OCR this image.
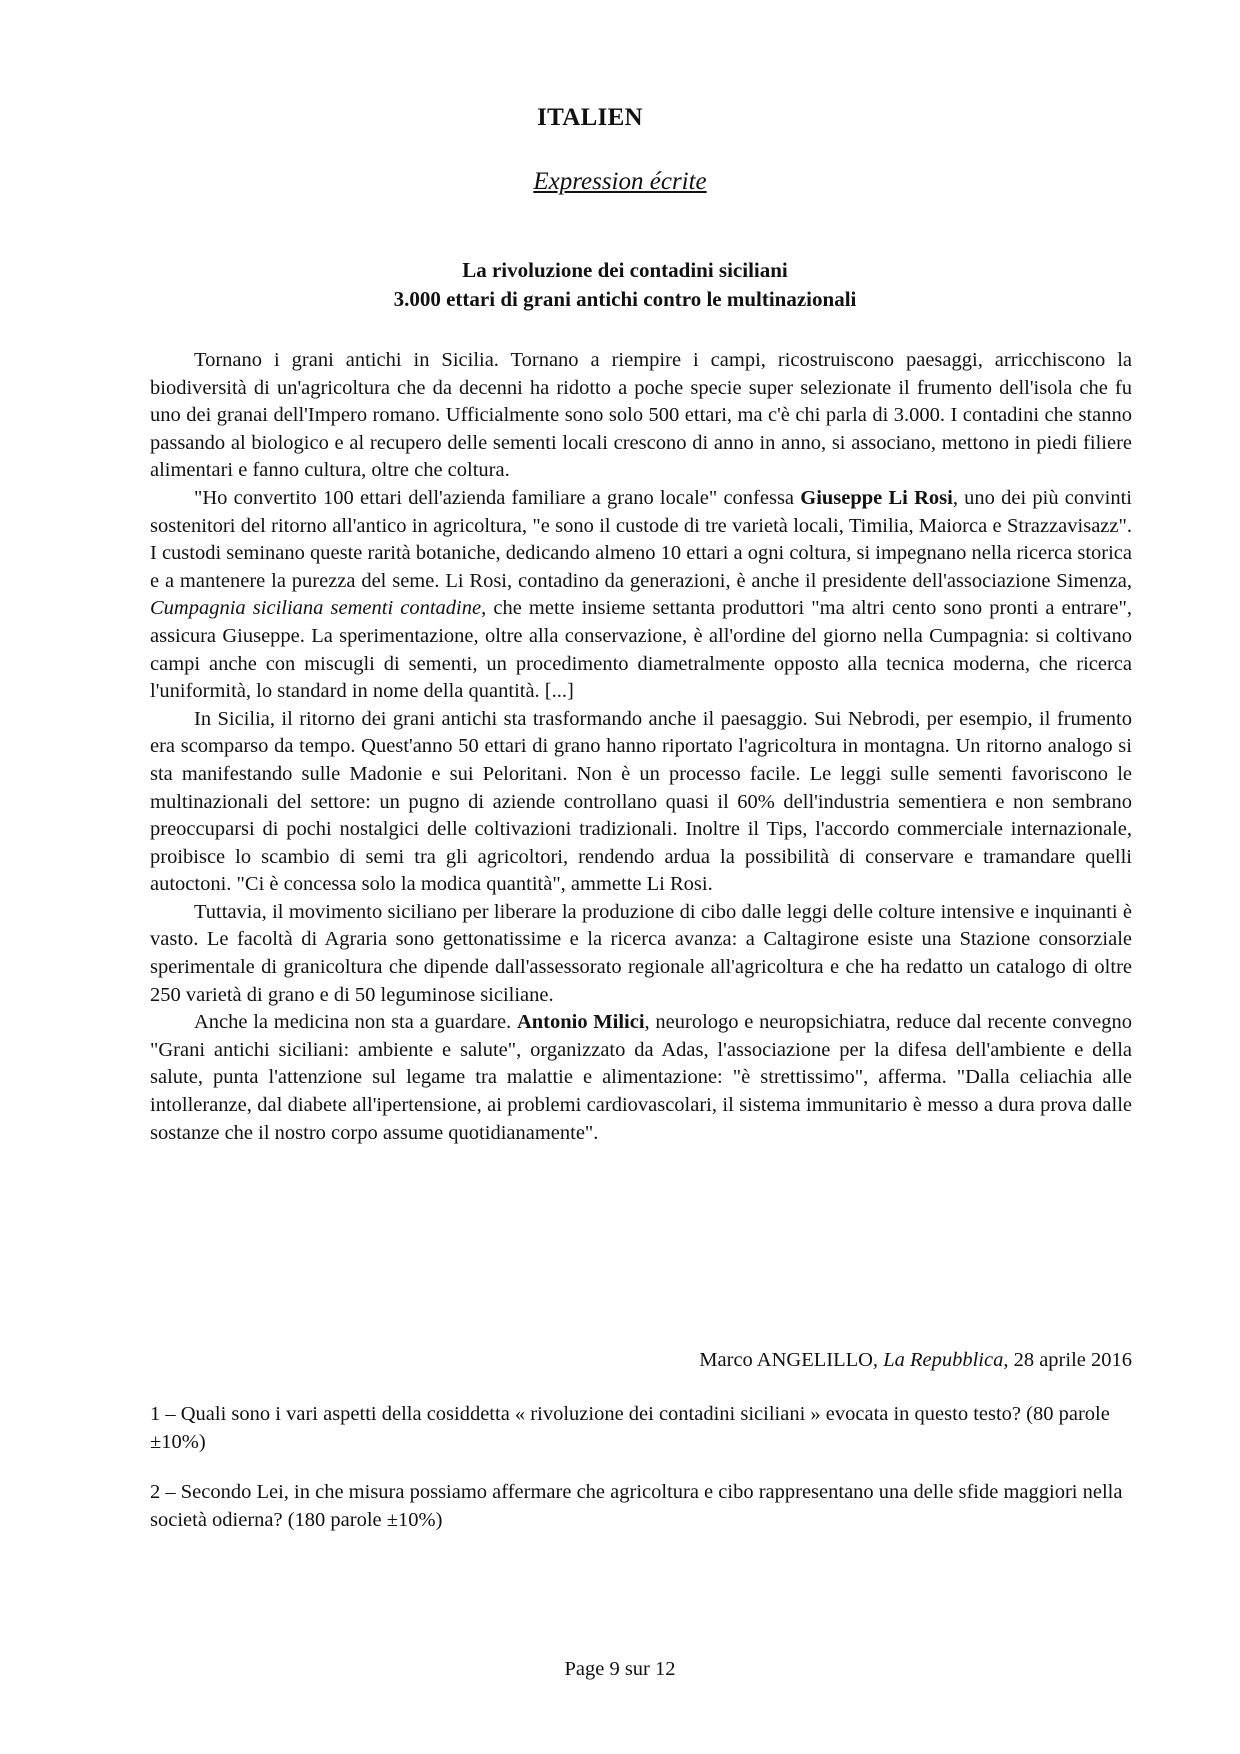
ITALIEN
Expression écrite
La rivoluzione dei contadini siciliani
3.000 ettari di grani antichi contro le multinazionali

Tornano i grani antichi in Sicilia. Tornano a riempire i campi, ricostruiscono paesaggi, arricchiscono la biodiversità di un'agricoltura che da decenni ha ridotto a poche specie super selezionate il frumento dell'isola che fu uno dei granai dell'Impero romano. Ufficialmente sono solo 500 ettari, ma c'è chi parla di 3.000. I contadini che stanno passando al biologico e al recupero delle sementi locali crescono di anno in anno, si associano, mettono in piedi filiere alimentari e fanno cultura, oltre che coltura.

"Ho convertito 100 ettari dell'azienda familiare a grano locale" confessa Giuseppe Li Rosi, uno dei più convinti sostenitori del ritorno all'antico in agricoltura, "e sono il custode di tre varietà locali, Timilia, Maiorca e Strazzavisazz". I custodi seminano queste rarità botaniche, dedicando almeno 10 ettari a ogni coltura, si impegnano nella ricerca storica e a mantenere la purezza del seme. Li Rosi, contadino da generazioni, è anche il presidente dell'associazione Simenza, Cumpagnia siciliana sementi contadine, che mette insieme settanta produttori "ma altri cento sono pronti a entrare", assicura Giuseppe. La sperimentazione, oltre alla conservazione, è all'ordine del giorno nella Cumpagnia: si coltivano campi anche con miscugli di sementi, un procedimento diametralmente opposto alla tecnica moderna, che ricerca l'uniformità, lo standard in nome della quantità. [...]

In Sicilia, il ritorno dei grani antichi sta trasformando anche il paesaggio. Sui Nebrodi, per esempio, il frumento era scomparso da tempo. Quest'anno 50 ettari di grano hanno riportato l'agricoltura in montagna. Un ritorno analogo si sta manifestando sulle Madonie e sui Peloritani. Non è un processo facile. Le leggi sulle sementi favoriscono le multinazionali del settore: un pugno di aziende controllano quasi il 60% dell'industria sementiera e non sembrano preoccuparsi di pochi nostalgici delle coltivazioni tradizionali. Inoltre il Tips, l'accordo commerciale internazionale, proibisce lo scambio di semi tra gli agricoltori, rendendo ardua la possibilità di conservare e tramandare quelli autoctoni. "Ci è concessa solo la modica quantità", ammette Li Rosi.

Tuttavia, il movimento siciliano per liberare la produzione di cibo dalle leggi delle colture intensive e inquinanti è vasto. Le facoltà di Agraria sono gettonatissime e la ricerca avanza: a Caltagirone esiste una Stazione consorziale sperimentale di granicoltura che dipende dall'assessorato regionale all'agricoltura e che ha redatto un catalogo di oltre 250 varietà di grano e di 50 leguminose siciliane.

Anche la medicina non sta a guardare. Antonio Milici, neurologo e neuropsichiatra, reduce dal recente convegno "Grani antichi siciliani: ambiente e salute", organizzato da Adas, l'associazione per la difesa dell'ambiente e della salute, punta l'attenzione sul legame tra malattie e alimentazione: "è strettissimo", afferma. "Dalla celiachia alle intolleranze, dal diabete all'ipertensione, ai problemi cardiovascolari, il sistema immunitario è messo a dura prova dalle sostanze che il nostro corpo assume quotidianamente".

Marco ANGELILLO, La Repubblica, 28 aprile 2016

1 – Quali sono i vari aspetti della cosiddetta « rivoluzione dei contadini siciliani » evocata in questo testo? (80 parole ±10%)

2 – Secondo Lei, in che misura possiamo affermare che agricoltura e cibo rappresentano una delle sfide maggiori nella società odierna? (180 parole ±10%)

Page 9 sur 12
